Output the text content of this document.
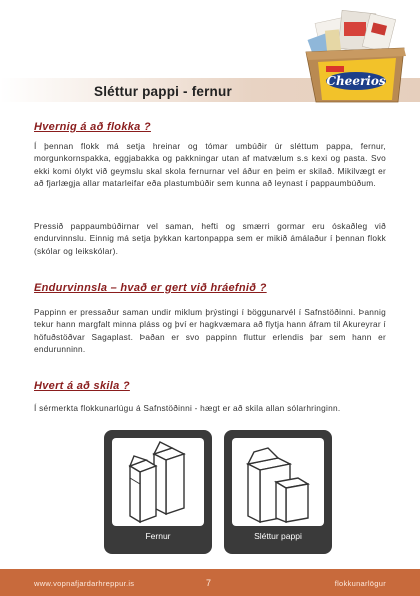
Sléttur pappi - fernur
Cheerios
Hvernig á að flokka ?
Í þennan flokk má setja hreinar og tómar umbúðir úr sléttum pappa, fernur, morgunkornspakka, eggjabakka og pakkningar utan af matvælum s.s kexi og pasta. Svo ekki komi ólykt við geymslu skal skola fernurnar vel áður en þeim er skilað. Mikilvægt er að fjarlægja allar matarleifar eða plastumbúðir sem kunna að leynast í pappaumbúðum.
Pressið pappaumbúðirnar vel saman, hefti og smærri gormar eru óskaðleg við endurvinnslu. Einnig má setja þykkan kartonpappa sem er mikið ámálaður í þennan flokk (skólar og leikskólar).
Endurvinnsla – hvað er gert við hráefnið ?
Pappinn er pressaður saman undir miklum þrýstingi í böggunarvél í Safnstöðinni. Þannig tekur hann margfalt minna pláss og því er hagkvæmara að flytja hann áfram til Akureyrar í höfuðstöðvar Sagaplast. Þaðan er svo pappinn fluttur erlendis þar sem hann er endurunninn.
Hvert á að skila ?
Í sérmerkta flokkunarlúgu á Safnstöðinni - hægt er að skila allan sólarhringinn.
Fernur	Sléttur pappi
www.vopnafjardarhreppur.is	7	flokkunarlögur
